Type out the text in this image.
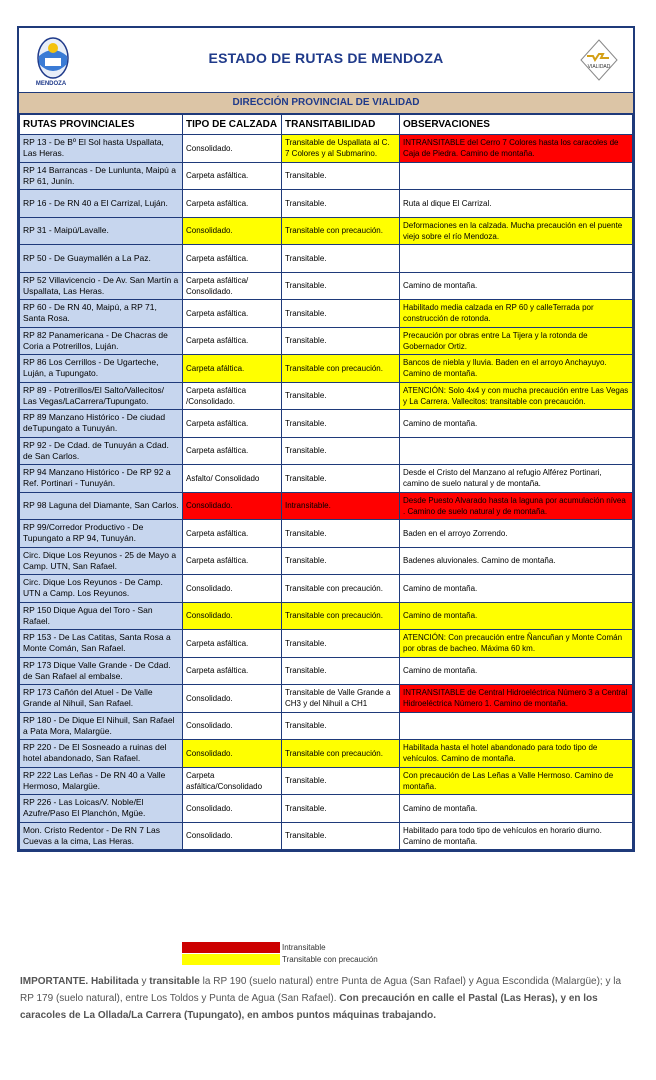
MENDOZA
ESTADO DE RUTAS DE MENDOZA
VIALIDAD
DIRECCIÓN PROVINCIAL DE VIALIDAD
RUTAS PROVINCIALES	TIPO DE CALZADA	TRANSITABILIDAD	OBSERVACIONES
RP 13 - De Bº El Sol hasta Uspallata, Las Heras.	Consolidado.	Transitable de Uspallata al C. 7 Colores y al Submarino.	INTRANSITABLE del Cerro 7 Colores hasta los caracoles de Caja de Piedra. Camino de montaña.
RP 14 Barrancas - De Lunlunta, Maipú a RP 61, Junín.	Carpeta asfáltica.	Transitable.	
RP 16 - De RN 40 a El Carrizal, Luján.	Carpeta asfáltica.	Transitable.	Ruta al dique El Carrizal.
RP 31 - Maipú/Lavalle.	Consolidado.	Transitable con precaución.	Deformaciones en la calzada. Mucha precaución en el puente viejo sobre el río Mendoza.
RP 50 - De Guaymallén a La Paz.	Carpeta asfáltica.	Transitable.	
RP 52 Villavicencio - De Av. San Martín a Uspallata, Las Heras.	Carpeta asfáltica/ Consolidado.	Transitable.	Camino de montaña.
RP 60 - De RN 40, Maipú, a RP 71, Santa Rosa.	Carpeta asfáltica.	Transitable.	Habilitado media calzada en RP 60 y calleTerrada por construcción de rotonda.
RP 82 Panamericana - De Chacras de Coria a Potrerillos, Luján.	Carpeta asfáltica.	Transitable.	Precaución por obras entre La Tijera y la rotonda de Gobernador Ortiz.
RP 86 Los Cerrillos - De Ugarteche, Luján, a Tupungato.	Carpeta afáltica.	Transitable con precaución.	Bancos de niebla y lluvia. Baden en el arroyo Anchayuyo. Camino de montaña.
RP 89 - Potrerillos/El Salto/Vallecitos/ Las Vegas/LaCarrera/Tupungato.	Carpeta asfáltica /Consolidado.	Transitable.	ATENCIÓN: Solo 4x4 y con mucha precaución entre Las Vegas y La Carrera. Vallecitos: transitable con precaución.
RP 89 Manzano Histórico - De ciudad deTupungato a Tunuyán.	Carpeta asfáltica.	Transitable.	Camino de montaña.
RP 92 - De Cdad. de Tunuyán a Cdad. de San Carlos.	Carpeta asfáltica.	Transitable.	
RP 94 Manzano Histórico - De RP 92 a Ref. Portinari - Tunuyán.	Asfalto/ Consolidado	Transitable.	Desde el Cristo del Manzano al refugio Alférez Portinari, camino de suelo natural y de montaña.
RP 98 Laguna del Diamante, San Carlos.	Consolidado.	Intransitable.	Desde Puesto Alvarado hasta la laguna por acumulación nívea . Camino de suelo natural y de montaña.
RP 99/Corredor Productivo - De Tupungato a RP 94, Tunuyán.	Carpeta asfáltica.	Transitable.	Baden en el arroyo Zorrendo.
Circ. Dique Los Reyunos - 25 de Mayo a Camp. UTN, San Rafael.	Carpeta asfáltica.	Transitable.	Badenes aluvionales. Camino de montaña.
Circ. Dique Los Reyunos - De Camp. UTN a Camp. Los Reyunos.	Consolidado.	Transitable con precaución.	Camino de montaña.
RP 150 Dique Agua del Toro - San Rafael.	Consolidado.	Transitable con precaución.	Camino de montaña.
RP 153 - De Las Catitas, Santa Rosa a Monte Comán, San Rafael.	Carpeta asfáltica.	Transitable.	ATENCIÓN: Con precaución entre Ñancuñan y Monte Comán por obras de bacheo. Máxima 60 km.
RP 173 Dique Valle Grande - De Cdad. de San Rafael al embalse.	Carpeta asfáltica.	Transitable.	Camino de montaña.
RP 173 Cañón del Atuel - De Valle Grande al Nihuil, San Rafael.	Consolidado.	Transitable de Valle Grande a CH3 y del Nihuil a CH1	INTRANSITABLE de Central Hidroeléctrica Número 3 a Central Hidroeléctrica Número 1. Camino de montaña.
RP 180 - De Dique El Nihuil, San Rafael a Pata Mora, Malargüe.	Consolidado.	Transitable.	
RP 220 - De El Sosneado a ruinas del hotel abandonado, San Rafael.	Consolidado.	Transitable con precaución.	Habilitada hasta el hotel abandonado para todo tipo de vehículos. Camino de montaña.
RP 222 Las Leñas - De RN 40 a Valle Hermoso, Malargüe.	Carpeta asfáltica/Consolidado	Transitable.	Con precaución de Las Leñas a Valle Hermoso. Camino de montaña.
RP 226 - Las Loicas/V. Noble/El Azufre/Paso El Planchón, Mgüe.	Consolidado.	Transitable.	Camino de montaña.
Mon. Cristo Redentor - De RN 7 Las Cuevas a la cima, Las Heras.	Consolidado.	Transitable.	Habilitado para todo tipo de vehículos en horario diurno. Camino de montaña.
Intransitable
Transitable con precaución
IMPORTANTE. Habilitada y transitable la RP 190 (suelo natural) entre Punta de Agua (San Rafael) y Agua Escondida (Malargüe); y la RP 179 (suelo natural), entre Los Toldos y Punta de Agua (San Rafael). Con precaución en calle el Pastal (Las Heras), y en los caracoles de La Ollada/La Carrera (Tupungato), en ambos puntos máquinas trabajando.
